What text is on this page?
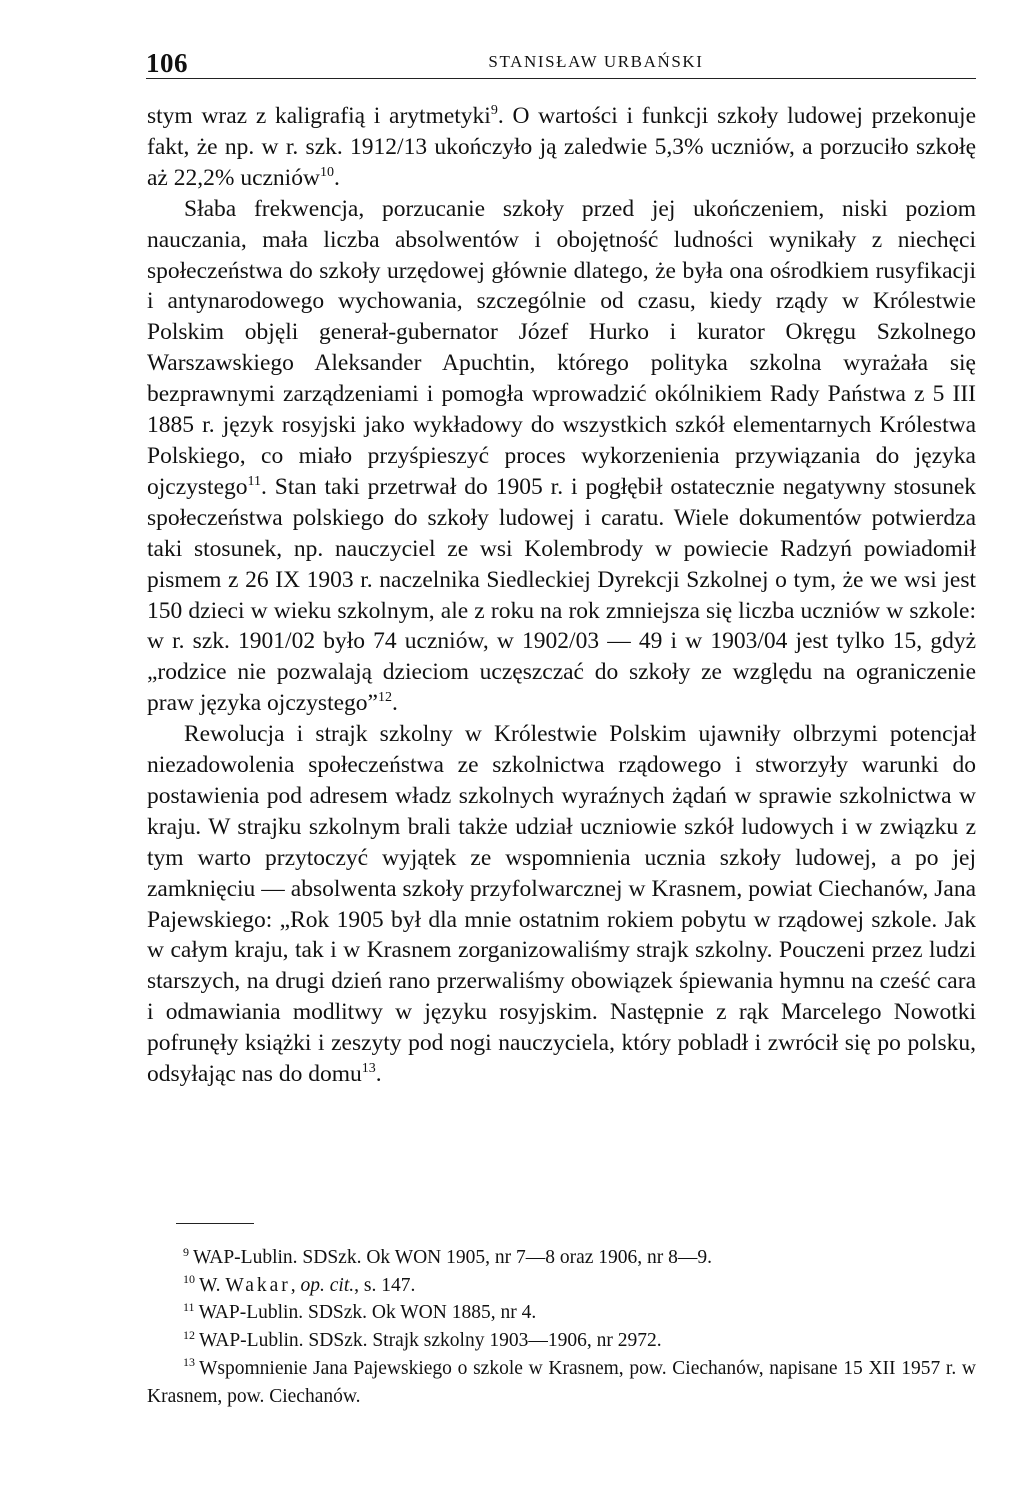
106	STANISŁAW URBAŃSKI

stym wraz z kaligrafią i arytmetyki$^9$. O wartości i funkcji szkoły ludowej przekonuje fakt, że np. w r. szk. 1912/13 ukończyło ją zaledwie 5,3% uczniów, a porzuciło szkołę aż 22,2% uczniów$^{10}$.

Słaba frekwencja, porzucanie szkoły przed jej ukończeniem, niski poziom nauczania, mała liczba absolwentów i obojętność ludności wynikały z niechęci społeczeństwa do szkoły urzędowej głównie dlatego, że była ona ośrodkiem rusyfikacji i antynarodowego wychowania, szczególnie od czasu, kiedy rządy w Królestwie Polskim objęli generał-gubernator Józef Hurko i kurator Okręgu Szkolnego Warszawskiego Aleksander Apuchtin, którego polityka szkolna wyrażała się bezprawnymi zarządzeniami i pomogła wprowadzić okólnikiem Rady Państwa z 5 III 1885 r. język rosyjski jako wykładowy do wszystkich szkół elementarnych Królestwa Polskiego, co miało przyśpieszyć proces wykorzenienia przywiązania do języka ojczystego$^{11}$. Stan taki przetrwał do 1905 r. i pogłębił ostatecznie negatywny stosunek społeczeństwa polskiego do szkoły ludowej i caratu. Wiele dokumentów potwierdza taki stosunek, np. nauczyciel ze wsi Kolembrody w powiecie Radzyń powiadomił pismem z 26 IX 1903 r. naczelnika Siedleckiej Dyrekcji Szkolnej o tym, że we wsi jest 150 dzieci w wieku szkolnym, ale z roku na rok zmniejsza się liczba uczniów w szkole: w r. szk. 1901/02 było 74 uczniów, w 1902/03 — 49 i w 1903/04 jest tylko 15, gdyż „rodzice nie pozwalają dzieciom uczęszczać do szkoły ze względu na ograniczenie praw języka ojczystego”$^{12}$.

Rewolucja i strajk szkolny w Królestwie Polskim ujawniły olbrzymi potencjał niezadowolenia społeczeństwa ze szkolnictwa rządowego i stworzyły warunki do postawienia pod adresem władz szkolnych wyraźnych żądań w sprawie szkolnictwa w kraju. W strajku szkolnym brali także udział uczniowie szkół ludowych i w związku z tym warto przytoczyć wyjątek ze wspomnienia ucznia szkoły ludowej, a po jej zamknięciu — absolwenta szkoły przyfolwarcznej w Krasnem, powiat Ciechanów, Jana Pajewskiego: „Rok 1905 był dla mnie ostatnim rokiem pobytu w rządowej szkole. Jak w całym kraju, tak i w Krasnem zorganizowaliśmy strajk szkolny. Pouczeni przez ludzi starszych, na drugi dzień rano przerwaliśmy obowiązek śpiewania hymnu na cześć cara i odmawiania modlitwy w języku rosyjskim. Następnie z rąk Marcelego Nowotki pofrunęły książki i zeszyty pod nogi nauczyciela, który pobladł i zwrócił się po polsku, odsyłając nas do domu$^{13}$.

$^9$ WAP-Lublin. SDSzk. Ok WON 1905, nr 7—8 oraz 1906, nr 8—9.

$^{10}$ W. Wakar, op. cit., s. 147.

$^{11}$ WAP-Lublin. SDSzk. Ok WON 1885, nr 4.

$^{12}$ WAP-Lublin. SDSzk. Strajk szkolny 1903—1906, nr 2972.

$^{13}$ Wspomnienie Jana Pajewskiego o szkole w Krasnem, pow. Ciechanów, napisane 15 XII 1957 r. w Krasnem, pow. Ciechanów.
